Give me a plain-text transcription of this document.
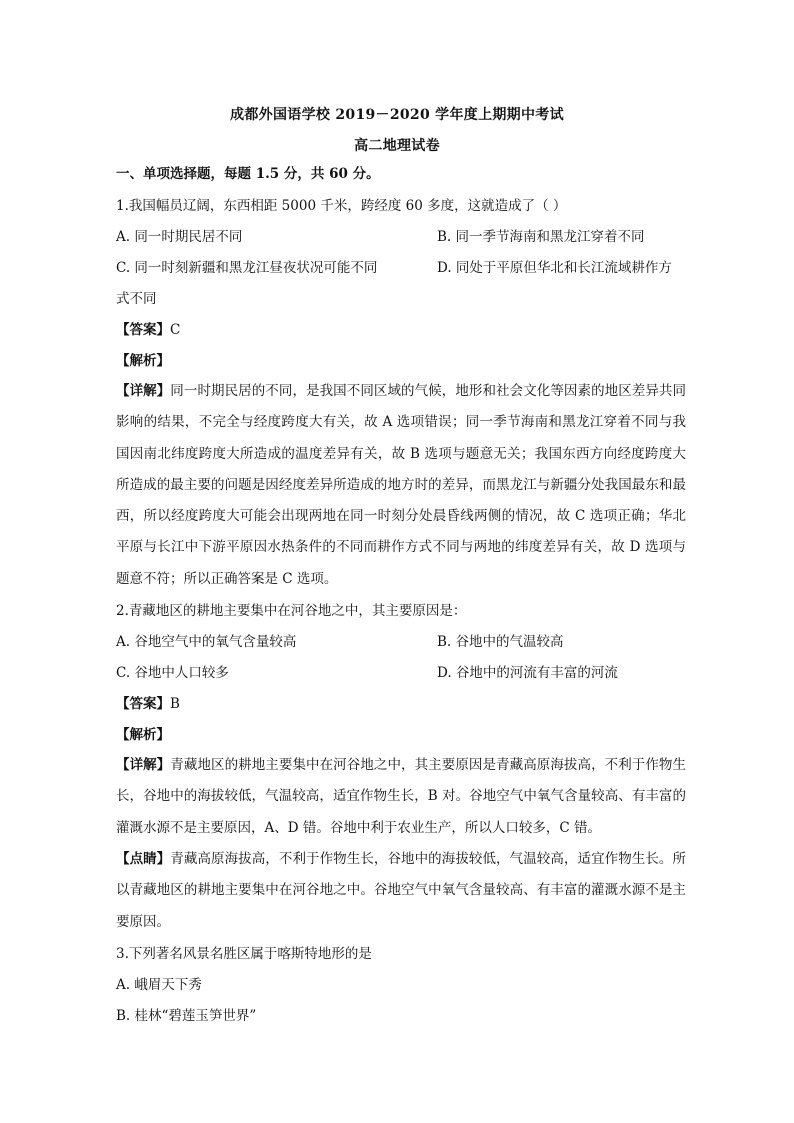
成都外国语学校 2019－2020 学年度上期期中考试
高二地理试卷
一、单项选择题，每题 1.5 分，共 60 分。
1.我国幅员辽阔，东西相距 5000 千米，跨经度 60 多度，这就造成了（ ）
A. 同一时期民居不同	B. 同一季节海南和黑龙江穿着不同
C. 同一时刻新疆和黑龙江昼夜状况可能不同	D. 同处于平原但华北和长江流域耕作方
式不同
【答案】C
【解析】
【详解】同一时期民居的不同，是我国不同区域的气候，地形和社会文化等因素的地区差异共同影响的结果，不完全与经度跨度大有关，故 A 选项错误；同一季节海南和黑龙江穿着不同与我国因南北纬度跨度大所造成的温度差异有关，故 B 选项与题意无关；我国东西方向经度跨度大所造成的最主要的问题是因经度差异所造成的地方时的差异，而黑龙江与新疆分处我国最东和最西，所以经度跨度大可能会出现两地在同一时刻分处晨昏线两侧的情况，故 C 选项正确；华北平原与长江中下游平原因水热条件的不同而耕作方式不同与两地的纬度差异有关，故 D 选项与题意不符；所以正确答案是 C 选项。
2.青藏地区的耕地主要集中在河谷地之中，其主要原因是：
A. 谷地空气中的氧气含量较高	B. 谷地中的气温较高
C. 谷地中人口较多	D. 谷地中的河流有丰富的河流
【答案】B
【解析】
【详解】青藏地区的耕地主要集中在河谷地之中，其主要原因是青藏高原海拔高，不利于作物生长，谷地中的海拔较低，气温较高，适宜作物生长，B 对。谷地空气中氧气含量较高、有丰富的灌溉水源不是主要原因，A、D 错。谷地中利于农业生产，所以人口较多，C 错。
【点睛】青藏高原海拔高，不利于作物生长，谷地中的海拔较低，气温较高，适宜作物生长。所以青藏地区的耕地主要集中在河谷地之中。谷地空气中氧气含量较高、有丰富的灌溉水源不是主要原因。
3.下列著名风景名胜区属于喀斯特地形的是
A. 峨眉天下秀
B. 桂林“碧莲玉笋世界”
